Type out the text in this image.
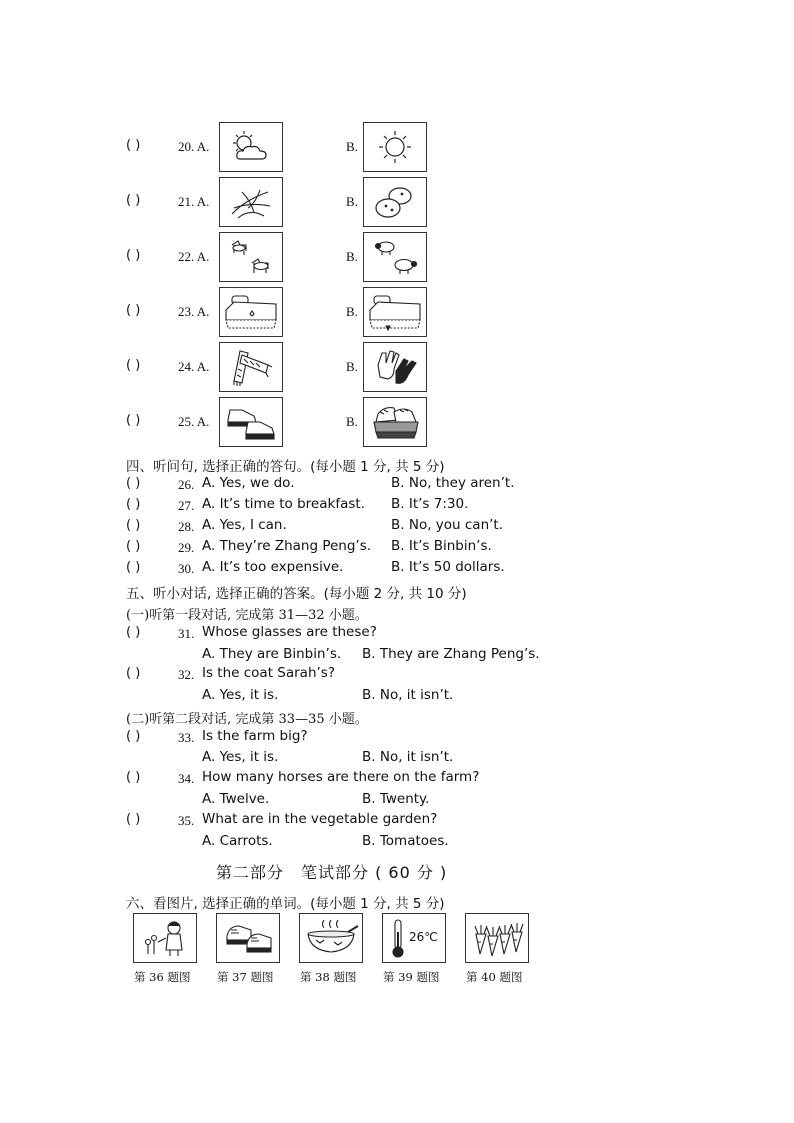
( )	20. A.	B.
( )	21. A.	B.
( )	22. A.	B.
( )	23. A.	B.
( )	24. A.	B.
( )	25. A.	B.
四、听问句, 选择正确的答句。(每小题 1 分, 共 5 分)
( )	26. A. Yes, we do.	B. No, they aren’t.
( )	27. A. It’s time to breakfast. B. It’s 7:30.
( )	28. A. Yes, I can.	B. No, you can’t.
( )	29. A. They’re Zhang Peng’s. B. It’s Binbin’s.
( )	30. A. It’s too expensive.	B. It’s 50 dollars.
五、听小对话, 选择正确的答案。(每小题 2 分, 共 10 分)
(一)听第一段对话, 完成第 31—32 小题。
( )	31. Whose glasses are these?
A. They are Binbin’s. B. They are Zhang Peng’s.
( )	32. Is the coat Sarah’s?
A. Yes, it is.	B. No, it isn’t.
(二)听第二段对话, 完成第 33—35 小题。
( )	33. Is the farm big?
A. Yes, it is.	B. No, it isn’t.
( )	34. How many horses are there on the farm?
A. Twelve.	B. Twenty.
( )	35. What are in the vegetable garden?
A. Carrots.	B. Tomatoes.
第二部分　笔试部分 ( 60 分 )
六、看图片, 选择正确的单词。(每小题 1 分, 共 5 分)
26℃
第 36 题图 第 37 题图 第 38 题图 第 39 题图 第 40 题图
